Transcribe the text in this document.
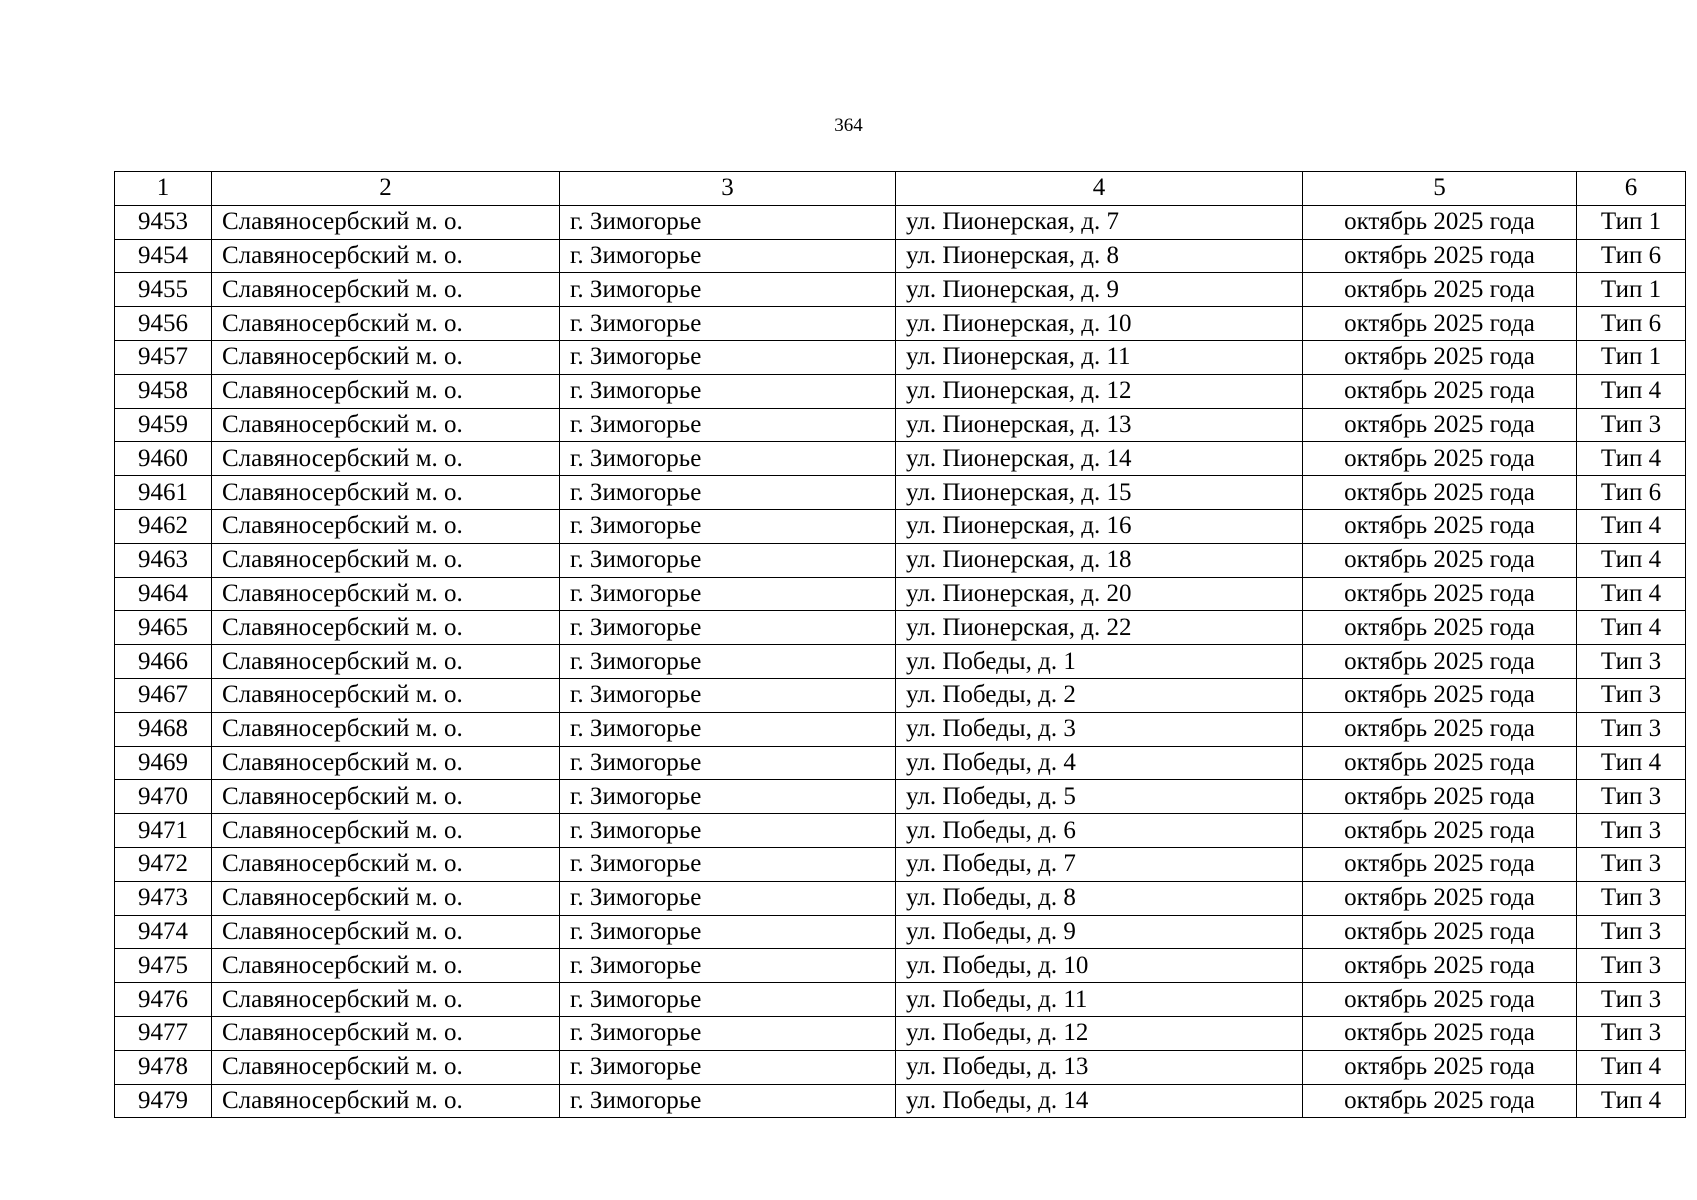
364
1	2	3	4	5	6
9453	Славяносербский м. о.	г. Зимогорье	ул. Пионерская, д. 7	октябрь 2025 года	Тип 1
9454	Славяносербский м. о.	г. Зимогорье	ул. Пионерская, д. 8	октябрь 2025 года	Тип 6
9455	Славяносербский м. о.	г. Зимогорье	ул. Пионерская, д. 9	октябрь 2025 года	Тип 1
9456	Славяносербский м. о.	г. Зимогорье	ул. Пионерская, д. 10	октябрь 2025 года	Тип 6
9457	Славяносербский м. о.	г. Зимогорье	ул. Пионерская, д. 11	октябрь 2025 года	Тип 1
9458	Славяносербский м. о.	г. Зимогорье	ул. Пионерская, д. 12	октябрь 2025 года	Тип 4
9459	Славяносербский м. о.	г. Зимогорье	ул. Пионерская, д. 13	октябрь 2025 года	Тип 3
9460	Славяносербский м. о.	г. Зимогорье	ул. Пионерская, д. 14	октябрь 2025 года	Тип 4
9461	Славяносербский м. о.	г. Зимогорье	ул. Пионерская, д. 15	октябрь 2025 года	Тип 6
9462	Славяносербский м. о.	г. Зимогорье	ул. Пионерская, д. 16	октябрь 2025 года	Тип 4
9463	Славяносербский м. о.	г. Зимогорье	ул. Пионерская, д. 18	октябрь 2025 года	Тип 4
9464	Славяносербский м. о.	г. Зимогорье	ул. Пионерская, д. 20	октябрь 2025 года	Тип 4
9465	Славяносербский м. о.	г. Зимогорье	ул. Пионерская, д. 22	октябрь 2025 года	Тип 4
9466	Славяносербский м. о.	г. Зимогорье	ул. Победы, д. 1	октябрь 2025 года	Тип 3
9467	Славяносербский м. о.	г. Зимогорье	ул. Победы, д. 2	октябрь 2025 года	Тип 3
9468	Славяносербский м. о.	г. Зимогорье	ул. Победы, д. 3	октябрь 2025 года	Тип 3
9469	Славяносербский м. о.	г. Зимогорье	ул. Победы, д. 4	октябрь 2025 года	Тип 4
9470	Славяносербский м. о.	г. Зимогорье	ул. Победы, д. 5	октябрь 2025 года	Тип 3
9471	Славяносербский м. о.	г. Зимогорье	ул. Победы, д. 6	октябрь 2025 года	Тип 3
9472	Славяносербский м. о.	г. Зимогорье	ул. Победы, д. 7	октябрь 2025 года	Тип 3
9473	Славяносербский м. о.	г. Зимогорье	ул. Победы, д. 8	октябрь 2025 года	Тип 3
9474	Славяносербский м. о.	г. Зимогорье	ул. Победы, д. 9	октябрь 2025 года	Тип 3
9475	Славяносербский м. о.	г. Зимогорье	ул. Победы, д. 10	октябрь 2025 года	Тип 3
9476	Славяносербский м. о.	г. Зимогорье	ул. Победы, д. 11	октябрь 2025 года	Тип 3
9477	Славяносербский м. о.	г. Зимогорье	ул. Победы, д. 12	октябрь 2025 года	Тип 3
9478	Славяносербский м. о.	г. Зимогорье	ул. Победы, д. 13	октябрь 2025 года	Тип 4
9479	Славяносербский м. о.	г. Зимогорье	ул. Победы, д. 14	октябрь 2025 года	Тип 4
